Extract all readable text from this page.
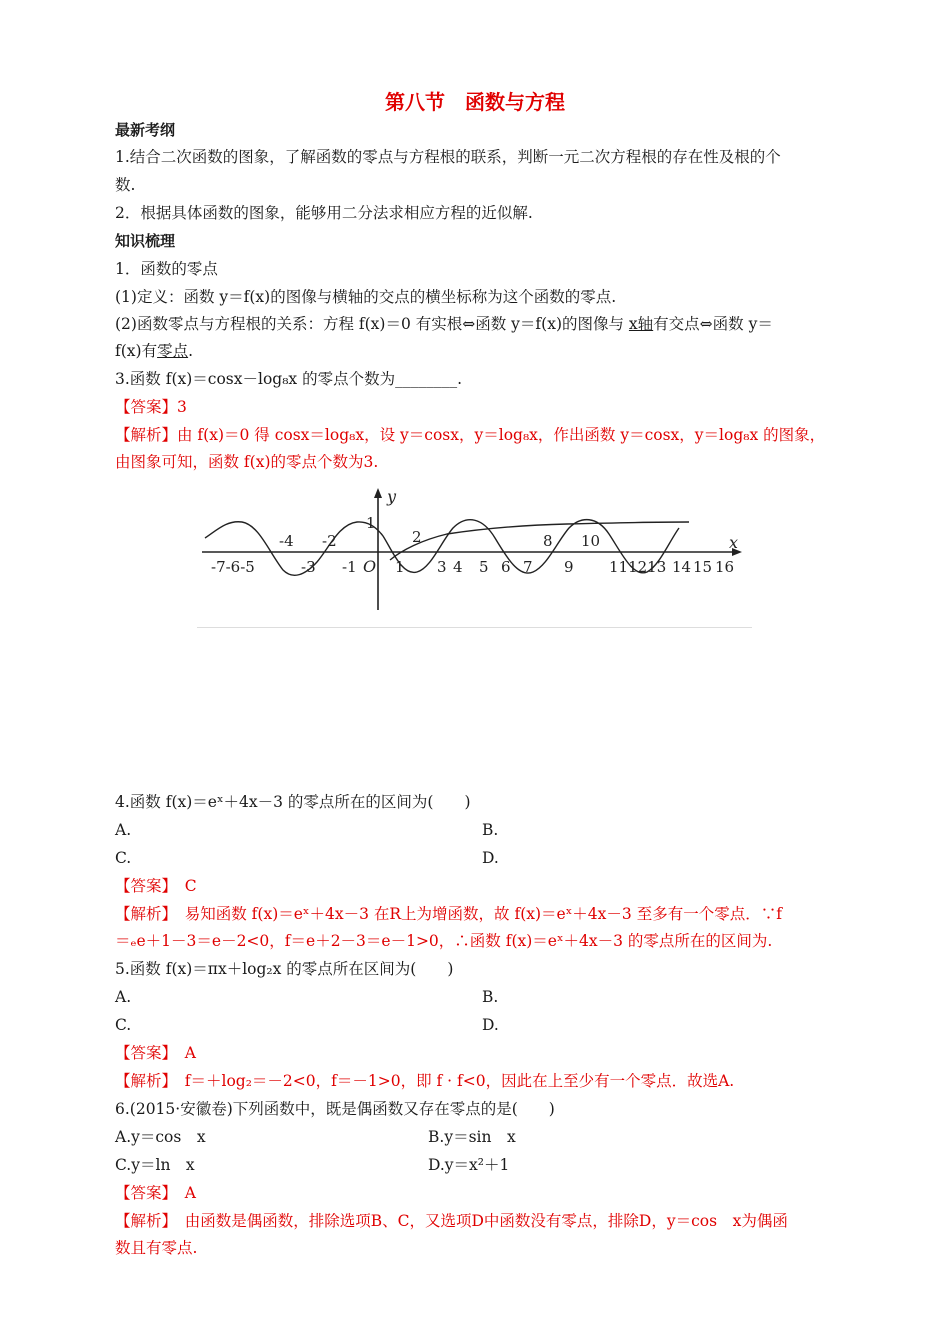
第八节　函数与方程
最新考纲
1.结合二次函数的图象，了解函数的零点与方程根的联系，判断一元二次方程根的存在性及根的个
数.
2．根据具体函数的图象，能够用二分法求相应方程的近似解.
知识梳理
1．函数的零点
(1)定义：函数 y＝f(x)的图像与横轴的交点的横坐标称为这个函数的零点.
(2)函数零点与方程根的关系：方程 f(x)＝0 有实根⇔函数 y＝f(x)的图像与 x轴有交点⇔函数 y＝
f(x)有零点.
3.函数 f(x)＝cosx－log₈x 的零点个数为________.
【答案】3
【解析】由 f(x)＝0 得 cosx＝log₈x，设 y＝cosx，y＝log₈x，作出函数 y＝cosx，y＝log₈x 的图象，
由图象可知，函数 f(x)的零点个数为3.
y
x
O
-4 -2
1
2	8 10
-7-6-5	-3 -1	1 3 4 5 6 7 9 111213 14 15 16
4.函数 f(x)＝eˣ＋4x－3 的零点所在的区间为(　　)
A.	B.
C.	D.
【答案】　C
【解析】　易知函数 f(x)＝eˣ＋4x－3 在R上为增函数，故 f(x)＝eˣ＋4x－3 至多有一个零点．∵f
＝ₑe＋1－3＝e－2<0，f＝e＋2－3＝e－1>0，∴函数 f(x)＝eˣ＋4x－3 的零点所在的区间为.
5.函数 f(x)＝πx＋log₂x 的零点所在区间为(　　)
A.	B.
C.	D.
【答案】　A
【解析】　f＝＋log₂＝－2<0，f＝－1>0，即 f · f<0，因此在上至少有一个零点．故选A.
6.(2015·安徽卷)下列函数中，既是偶函数又存在零点的是(　　)
A.y＝cos　x	B.y＝sin　x
C.y＝ln　x	D.y＝x²＋1
【答案】　A
【解析】　由函数是偶函数，排除选项B、C，又选项D中函数没有零点，排除D，y＝cos　x为偶函
数且有零点.
